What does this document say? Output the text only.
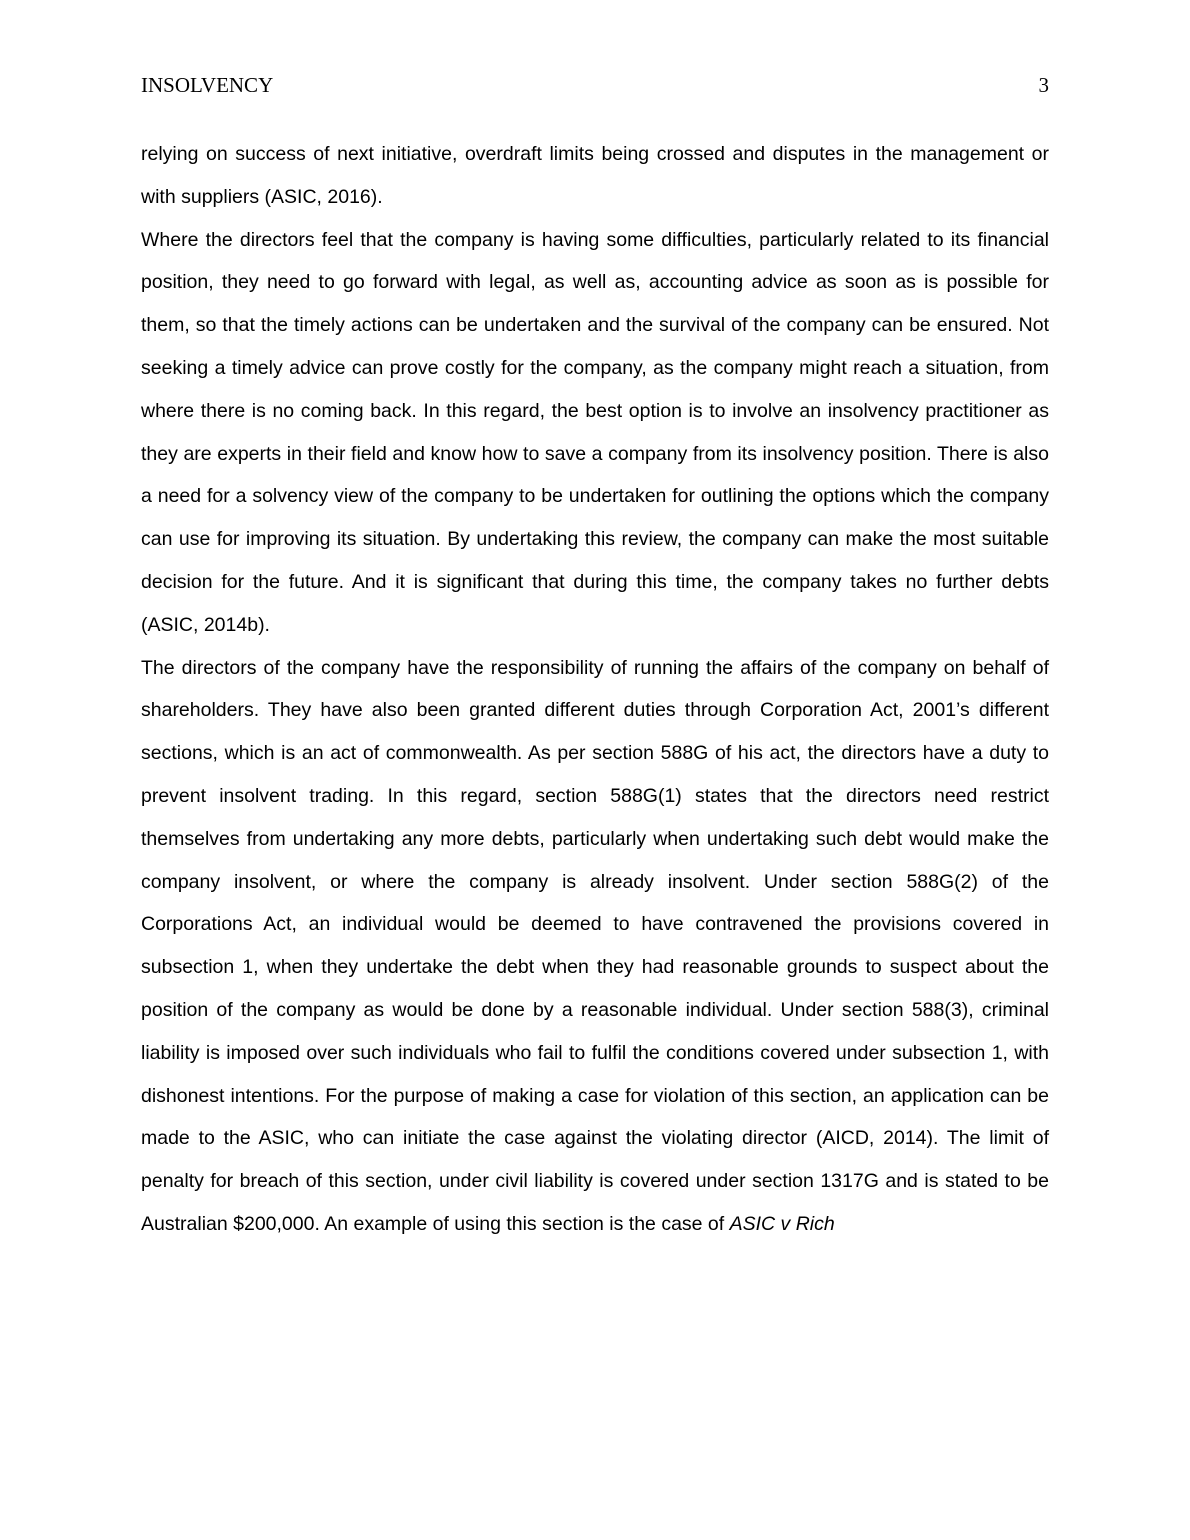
INSOLVENCY	3

relying on success of next initiative, overdraft limits being crossed and disputes in the management or with suppliers (ASIC, 2016).

Where the directors feel that the company is having some difficulties, particularly related to its financial position, they need to go forward with legal, as well as, accounting advice as soon as is possible for them, so that the timely actions can be undertaken and the survival of the company can be ensured. Not seeking a timely advice can prove costly for the company, as the company might reach a situation, from where there is no coming back. In this regard, the best option is to involve an insolvency practitioner as they are experts in their field and know how to save a company from its insolvency position. There is also a need for a solvency view of the company to be undertaken for outlining the options which the company can use for improving its situation. By undertaking this review, the company can make the most suitable decision for the future. And it is significant that during this time, the company takes no further debts (ASIC, 2014b).

The directors of the company have the responsibility of running the affairs of the company on behalf of shareholders. They have also been granted different duties through Corporation Act, 2001’s different sections, which is an act of commonwealth. As per section 588G of his act, the directors have a duty to prevent insolvent trading. In this regard, section 588G(1) states that the directors need restrict themselves from undertaking any more debts, particularly when undertaking such debt would make the company insolvent, or where the company is already insolvent. Under section 588G(2) of the Corporations Act, an individual would be deemed to have contravened the provisions covered in subsection 1, when they undertake the debt when they had reasonable grounds to suspect about the position of the company as would be done by a reasonable individual. Under section 588(3), criminal liability is imposed over such individuals who fail to fulfil the conditions covered under subsection 1, with dishonest intentions. For the purpose of making a case for violation of this section, an application can be made to the ASIC, who can initiate the case against the violating director (AICD, 2014). The limit of penalty for breach of this section, under civil liability is covered under section 1317G and is stated to be Australian $200,000. An example of using this section is the case of ASIC v Rich
